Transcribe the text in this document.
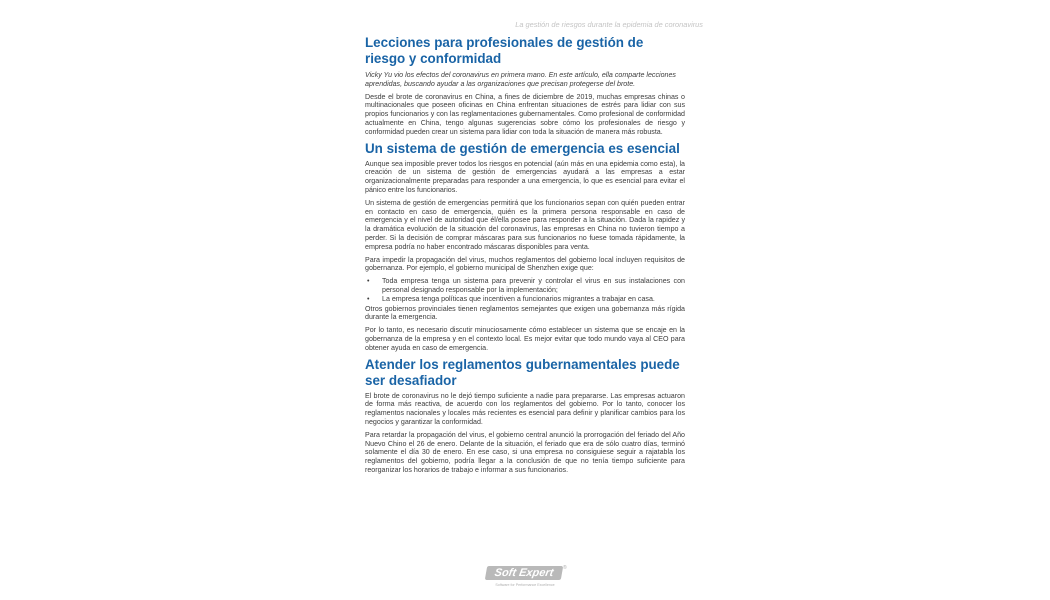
La gestión de riesgos durante la epidemia de coronavirus
Lecciones para profesionales de gestión de riesgo y conformidad

Vicky Yu vio los efectos del coronavirus en primera mano. En este artículo, ella comparte lecciones aprendidas, buscando ayudar a las organizaciones que precisan protegerse del brote.

Desde el brote de coronavirus en China, a fines de diciembre de 2019, muchas empresas chinas o multinacionales que poseen oficinas en China enfrentan situaciones de estrés para lidiar con sus propios funcionarios y con las reglamentaciones gubernamentales. Como profesional de conformidad actualmente en China, tengo algunas sugerencias sobre cómo los profesionales de riesgo y conformidad pueden crear un sistema para lidiar con toda la situación de manera más robusta.

Un sistema de gestión de emergencia es esencial

Aunque sea imposible prever todos los riesgos en potencial (aún más en una epidemia como esta), la creación de un sistema de gestión de emergencias ayudará a las empresas a estar organizacionalmente preparadas para responder a una emergencia, lo que es esencial para evitar el pánico entre los funcionarios.

Un sistema de gestión de emergencias permitirá que los funcionarios sepan con quién pueden entrar en contacto en caso de emergencia, quién es la primera persona responsable en caso de emergencia y el nivel de autoridad que él/ella posee para responder a la situación. Dada la rapidez y la dramática evolución de la situación del coronavirus, las empresas en China no tuvieron tiempo a perder. Si la decisión de comprar máscaras para sus funcionarios no fuese tomada rápidamente, la empresa podría no haber encontrado máscaras disponibles para venta.

Para impedir la propagación del virus, muchos reglamentos del gobierno local incluyen requisitos de gobernanza. Por ejemplo, el gobierno municipal de Shenzhen exige que:

• Toda empresa tenga un sistema para prevenir y controlar el virus en sus instalaciones con personal designado responsable por la implementación;
• La empresa tenga políticas que incentiven a funcionarios migrantes a trabajar en casa.

Otros gobiernos provinciales tienen reglamentos semejantes que exigen una gobernanza más rígida durante la emergencia.

Por lo tanto, es necesario discutir minuciosamente cómo establecer un sistema que se encaje en la gobernanza de la empresa y en el contexto local. Es mejor evitar que todo mundo vaya al CEO para obtener ayuda en caso de emergencia.

Atender los reglamentos gubernamentales puede ser desafiador

El brote de coronavirus no le dejó tiempo suficiente a nadie para prepararse. Las empresas actuaron de forma más reactiva, de acuerdo con los reglamentos del gobierno. Por lo tanto, conocer los reglamentos nacionales y locales más recientes es esencial para definir y planificar cambios para los negocios y garantizar la conformidad.

Para retardar la propagación del virus, el gobierno central anunció la prorrogación del feriado del Año Nuevo Chino el 26 de enero. Delante de la situación, el feriado que era de sólo cuatro días, terminó solamente el día 30 de enero. En ese caso, si una empresa no consiguiese seguir a rajatabla los reglamentos del gobierno, podría llegar a la conclusión de que no tenía tiempo suficiente para reorganizar los horarios de trabajo e informar a sus funcionarios.

Soft Expert	®
Software for Performance Excellence
